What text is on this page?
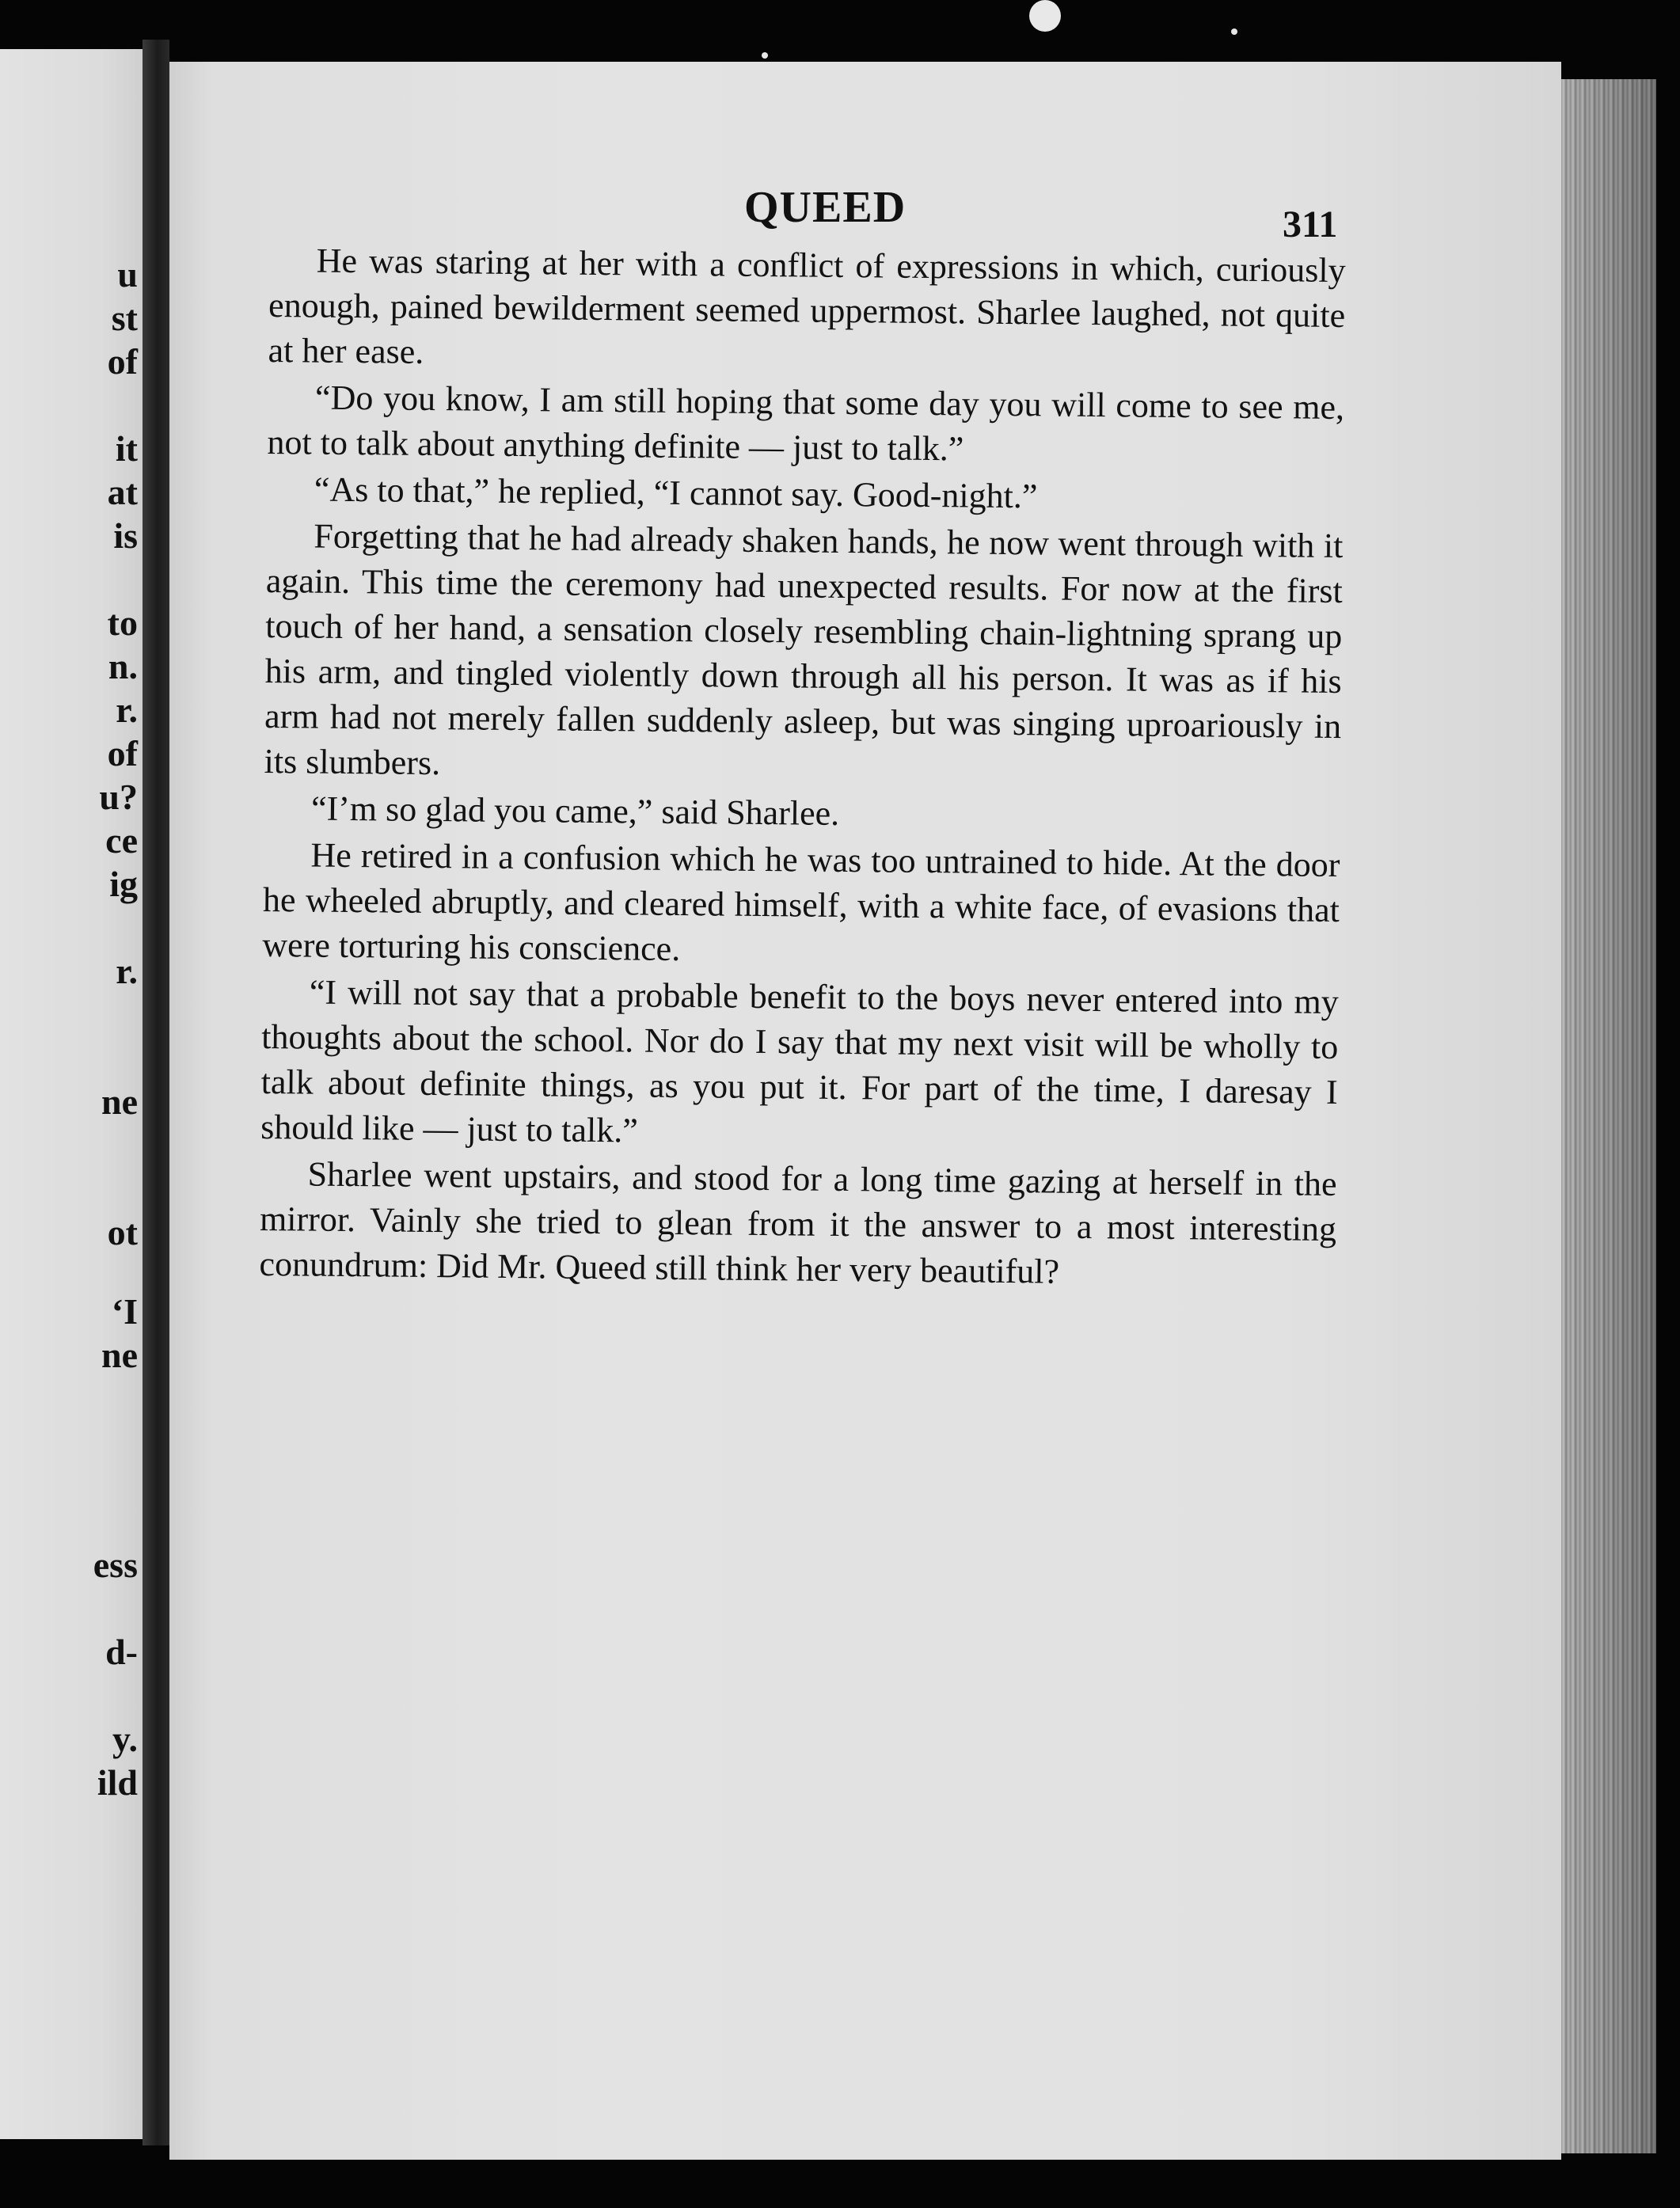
u
st
of
it
at
is
to
n.
r.
of
u?
ce
ig
r.
ne
ot
‘I
ne
ess
d-
y.
ild
QUEED	311

He was staring at her with a conflict of expressions in which, curiously enough, pained bewilderment seemed uppermost. Sharlee laughed, not quite at her ease.

“Do you know, I am still hoping that some day you will come to see me, not to talk about anything definite — just to talk.”

“As to that,” he replied, “I cannot say. Good-night.”

Forgetting that he had already shaken hands, he now went through with it again. This time the ceremony had unexpected results. For now at the first touch of her hand, a sensation closely resembling chain-lightning sprang up his arm, and tingled violently down through all his person. It was as if his arm had not merely fallen suddenly asleep, but was singing uproariously in its slumbers.

“I’m so glad you came,” said Sharlee.

He retired in a confusion which he was too untrained to hide. At the door he wheeled abruptly, and cleared himself, with a white face, of evasions that were torturing his conscience.

“I will not say that a probable benefit to the boys never entered into my thoughts about the school. Nor do I say that my next visit will be wholly to talk about definite things, as you put it. For part of the time, I daresay I should like — just to talk.”

Sharlee went upstairs, and stood for a long time gazing at herself in the mirror. Vainly she tried to glean from it the answer to a most interesting conundrum: Did Mr. Queed still think her very beautiful?
